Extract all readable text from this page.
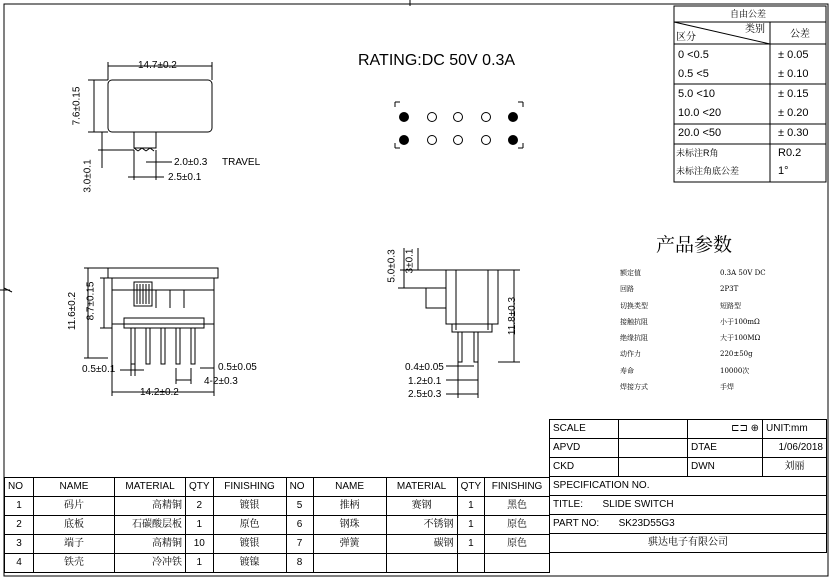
RATING:DC 50V 0.3A
14.7±0.2
7.6±0.15
3.0±0.1	2.0±0.3 TRAVEL
2.5±0.1
11.6±0.2 8.7±0.15
0.5±0.1	0.5±0.05
4-2±0.3
14.2±0.2
5.0±0.3 3±0.1
11.8±0.3
0.4±0.05
1.2±0.1
2.5±0.3
自由公差
类别
区分	公差
0 <0.5	± 0.05
0.5 <5	± 0.10
5.0 <10	± 0.15
10.0 <20	± 0.20
20.0 <50	± 0.30
未标注R角	R0.2
未标注角底公差	1°
产品参数
额定值	0.3A 50V DC
回路	2P3T
切换类型	短路型
接触抗阻	小于100mΩ
绝缘抗阻	大于100MΩ
动作力	220±50g
寿命	10000次
焊接方式	手焊
SCALE		⊏⊐ ⊕	UNIT:mm
APVD		DTAE	1/06/2018
CKD		DWN	刘丽
SPECIFICATION NO.			
TITLE: SLIDE SWITCH			
PART NO: SK23D55G3			
骐达电子有限公司			
NO	NAME	MATERIAL	QTY	FINISHING	NO	NAME	MATERIAL	QTY	FINISHING
1	码片	高精铜	2	镀银	5	推柄	赛钢	1	黑色
2	底板	石碳酸层板	1	原色	6	钢珠	不锈钢	1	原色
3	端子	高精铜	10	镀银	7	弹簧	碳钢	1	原色
4	铁壳	冷冲铁	1	镀镍	8				
